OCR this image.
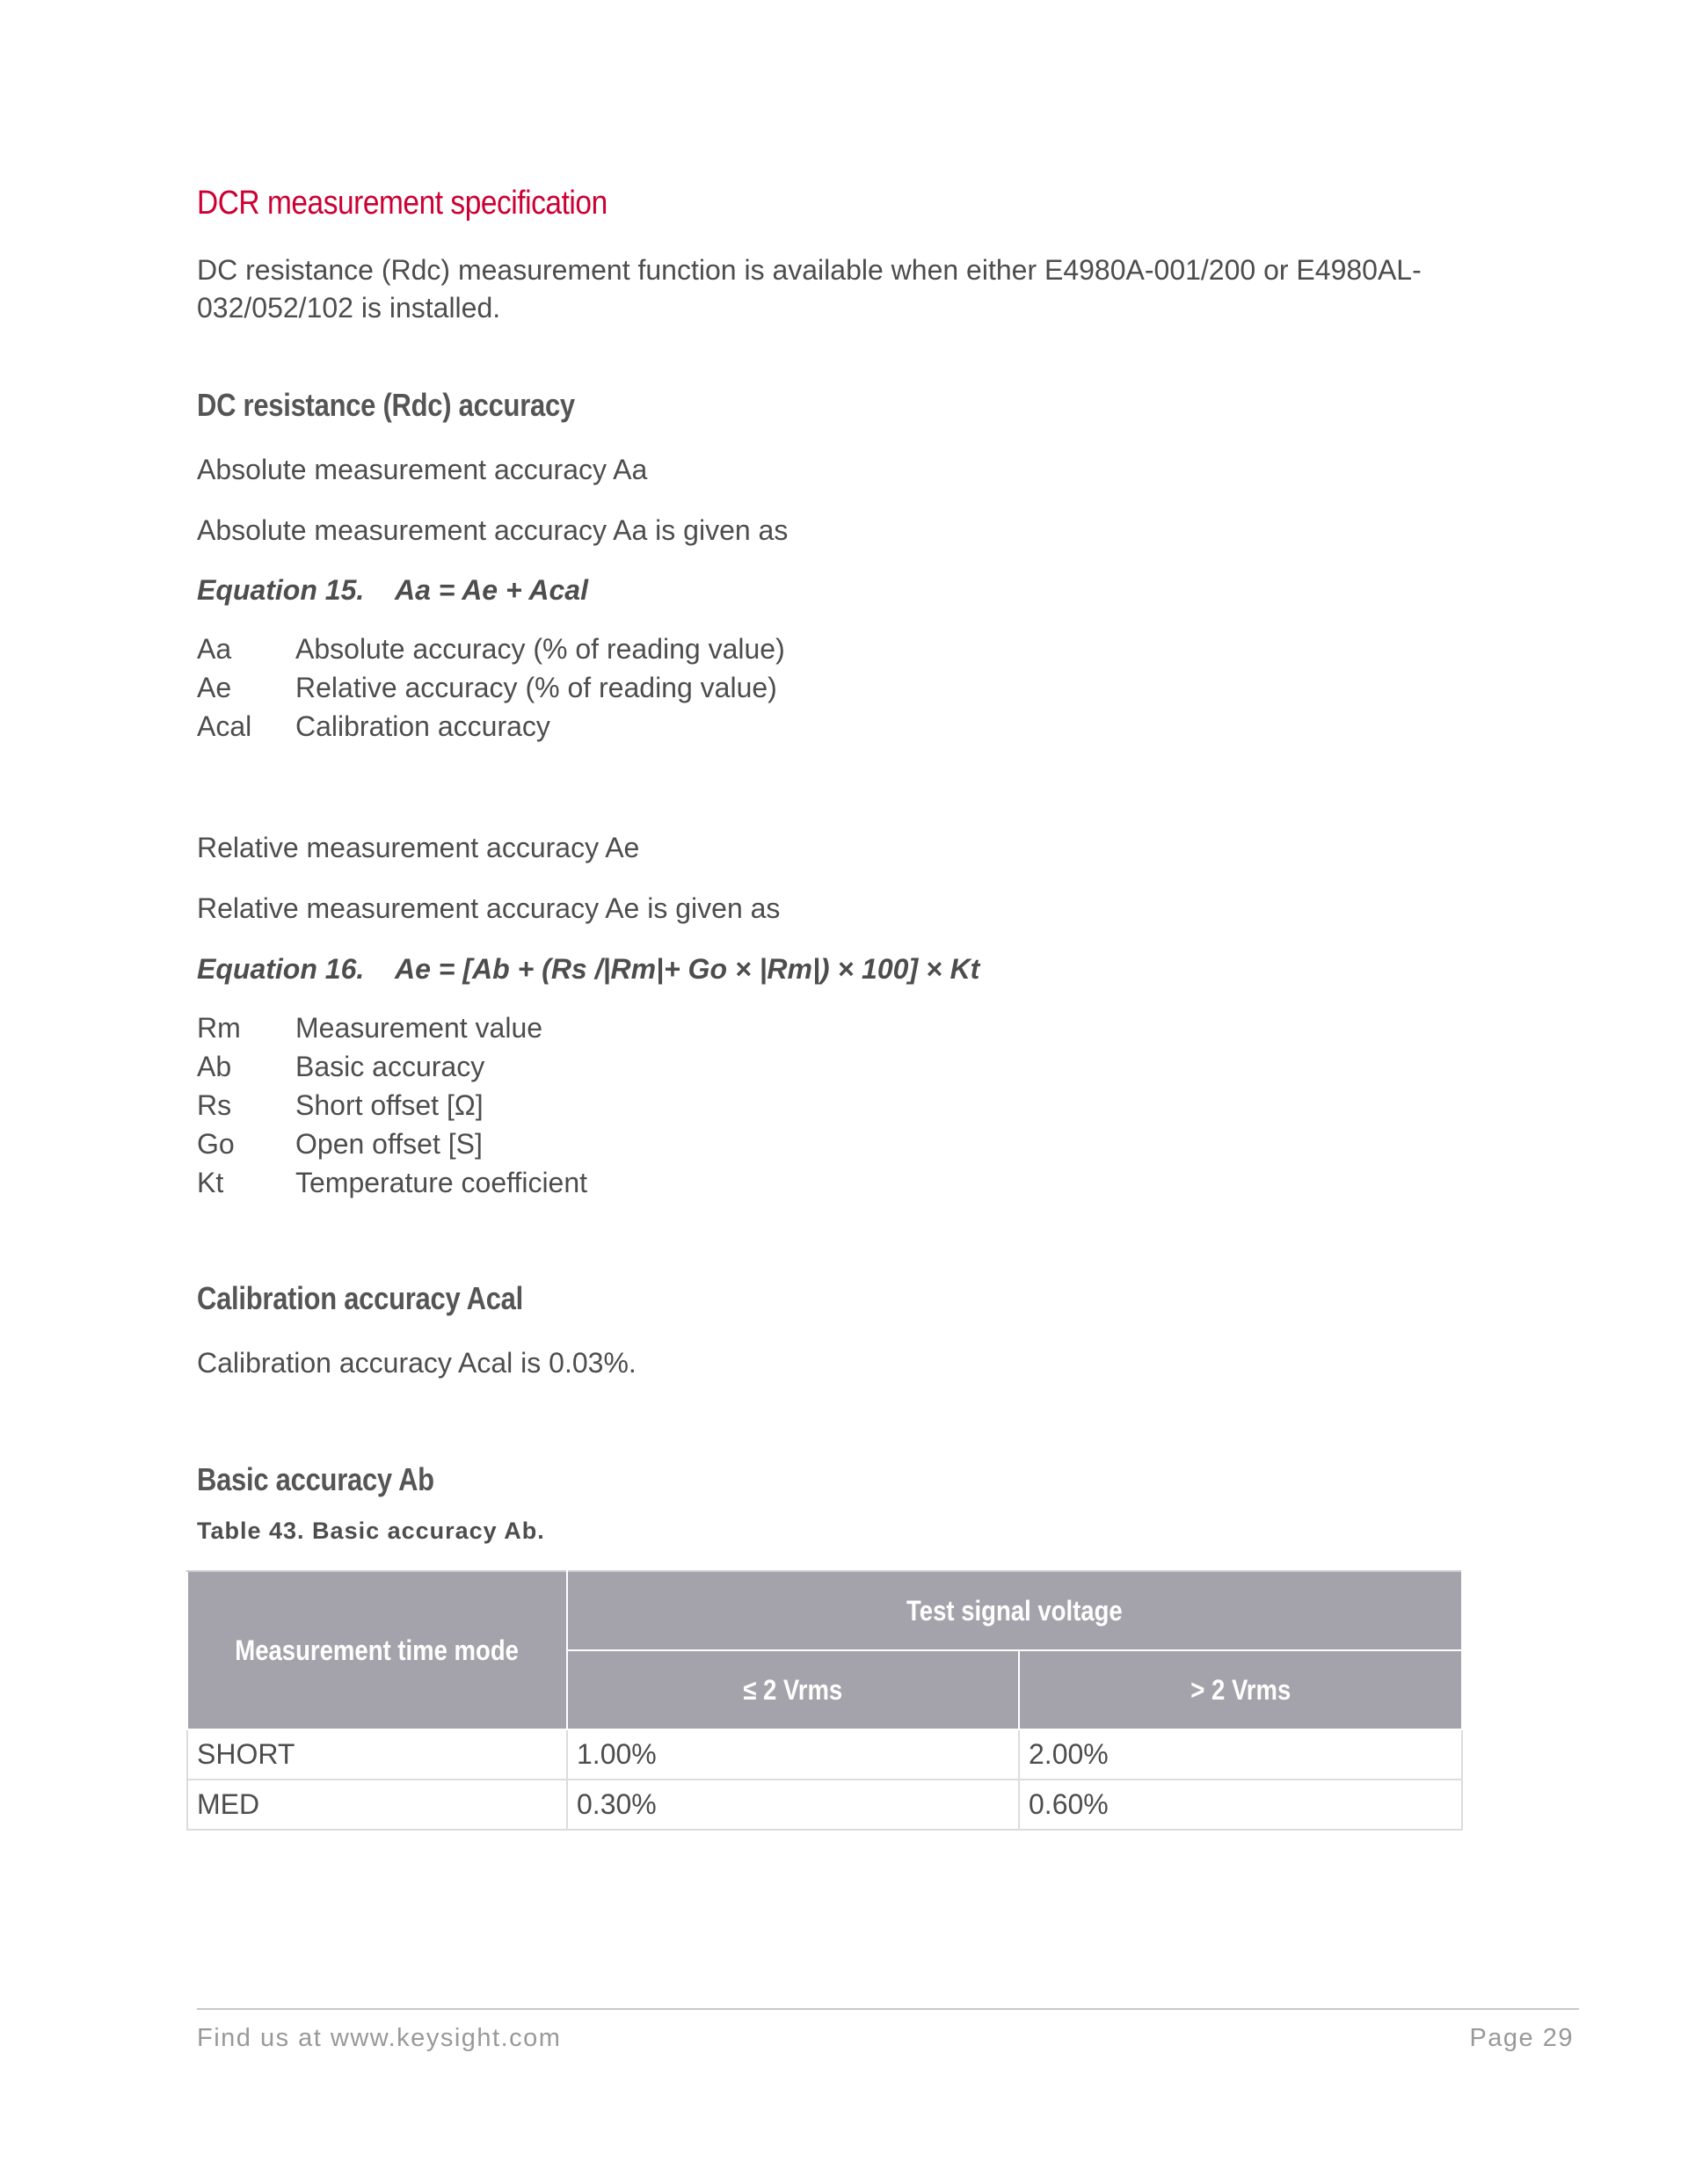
DCR measurement specification

DC resistance (Rdc) measurement function is available when either E4980A-001/200 or E4980AL-032/052/102 is installed.

DC resistance (Rdc) accuracy

Absolute measurement accuracy Aa

Absolute measurement accuracy Aa is given as

Equation 15. Aa = Ae + Acal

Aa	Absolute accuracy (% of reading value)
Ae	Relative accuracy (% of reading value)
Acal	Calibration accuracy

Relative measurement accuracy Ae

Relative measurement accuracy Ae is given as

Equation 16. Ae = [Ab + (Rs /|Rm|+ Go × |Rm|) × 100] × Kt

Rm	Measurement value
Ab	Basic accuracy
Rs	Short offset [Ω]
Go	Open offset [S]
Kt	Temperature coefficient
Calibration accuracy Acal

Calibration accuracy Acal is 0.03%.

Basic accuracy Ab

Table 43. Basic accuracy Ab.

Measurement time mode	Test signal voltage	
	≤ 2 Vrms	> 2 Vrms
SHORT	1.00%	2.00%
MED	0.30%	0.60%

Find us at www.keysight.com	Page 29
